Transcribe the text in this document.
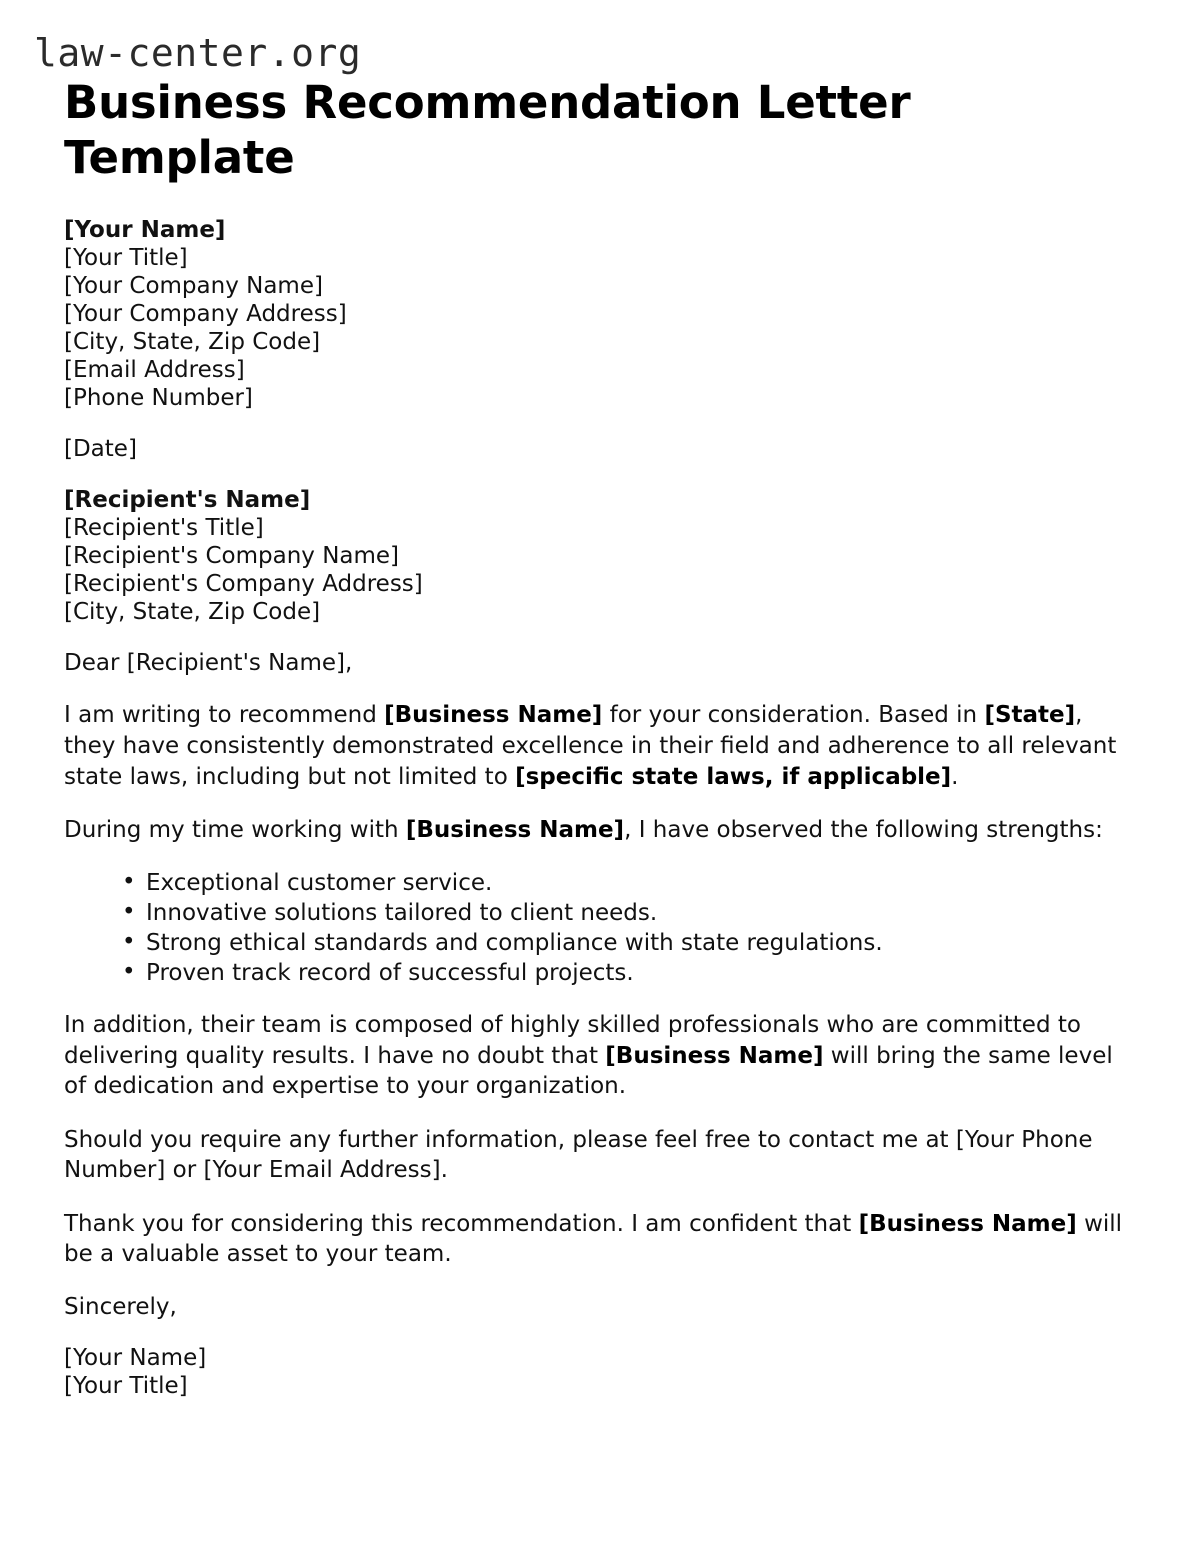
law-center.org
Business Recommendation Letter Template
[Your Name]
[Your Title]
[Your Company Name]
[Your Company Address]
[City, State, Zip Code]
[Email Address]
[Phone Number]
[Date]
[Recipient's Name]
[Recipient's Title]
[Recipient's Company Name]
[Recipient's Company Address]
[City, State, Zip Code]
Dear [Recipient's Name],

I am writing to recommend [Business Name] for your consideration. Based in [State], they have consistently demonstrated excellence in their field and adherence to all relevant state laws, including but not limited to [specific state laws, if applicable].

During my time working with [Business Name], I have observed the following strengths:

• Exceptional customer service.
• Innovative solutions tailored to client needs.
• Strong ethical standards and compliance with state regulations.
• Proven track record of successful projects.

In addition, their team is composed of highly skilled professionals who are committed to delivering quality results. I have no doubt that [Business Name] will bring the same level of dedication and expertise to your organization.

Should you require any further information, please feel free to contact me at [Your Phone Number] or [Your Email Address].

Thank you for considering this recommendation. I am confident that [Business Name] will be a valuable asset to your team.

Sincerely,
[Your Name]
[Your Title]
